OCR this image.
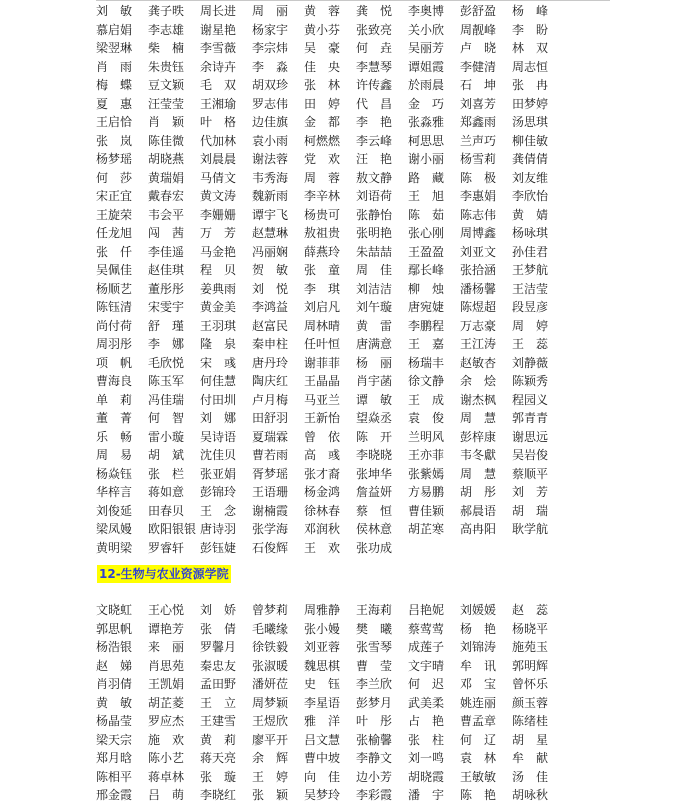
刘　敏 龚子昳 周长进 周　丽 黄　蓉 龚　悦 李奥博 彭舒盈 杨　峰
慕启娟 李志雄 谢星艳 杨家宇 黄小芬 张致亮 关小欣 周靓峰 李　盼
梁翌琳 柴　楠 李雪薇 李宗炜 吴　豪 何　垚 吴丽芳 卢　晓 林　双
肖　雨 朱贵钰 余诗卉 李　淼 佳　央 李慧琴 谭姐霞 李健清 周志恒
梅　蝶 豆文颖 毛　双 胡双珍 张　林 许传鑫 於雨晨 石　坤 张　冉
夏　惠 汪莹莹 王湘瑜 罗志伟 田　婷 代　昌 金　巧 刘喜芳 田梦婷
王启恰 肖　颖 叶　格 边佳旗 金　都 李　艳 张淼雅 郑鑫雨 汤思琪
张　岚 陈佳微 代加林 袁小雨 柯燃燃 李云峰 柯思思 兰声巧 柳佳敏
杨梦瑶 胡晓燕 刘晨晨 谢法蓉 党　欢 汪　艳 谢小丽 杨雪莉 龚倩倩
何　莎 黄瑞娟 马倩文 韦秀海 周　蓉 敖文静 路　藏 陈　极 刘友维
宋正宜 戴春宏 黄文涛 魏新雨 李辛林 刘语荷 王　旭 李惠娟 李欣怡
王旋荣 韦会平 李姗姗 谭宇飞 杨贵可 张静怡 陈　茹 陈志伟 黄　婧
任龙旭 闯　茜 万　芳 赵慧琳 敖祖贵 张明艳 张心刚 周博鑫 杨咏琪
张　仟 李佳遥 马金艳 冯丽娴 薛燕玲 朱喆喆 王盈盈 刘亚文 孙佳君
吴佩佳 赵佳琪 程　贝 贺　敏 张　童 周　佳 鄢长峰 张拾涵 王梦航
杨顺艺 董彤彤 姜典雨 刘　悦 李　琪 刘洁洁 柳　烛 潘杨馨 王洁莹
陈钰清 宋雯宇 黄金美 李鸿益 刘启凡 刘午璇 唐宛婕 陈煜超 段昱彦
尚付荷 舒　瑾 王羽琪 赵富民 周林晴 黄　雷 李鹏程 万志豪 周　婷
周羽彤 李　娜 隆　泉 秦申柱 任叶恒 唐满意 王　嘉 王江涛 王　蕊
项　帆 毛欣悦 宋　彧 唐丹玲 谢菲菲 杨　丽 杨瑞丰 赵敏杏 刘静薇
曹海良 陈玉军 何佳慧 陶庆红 王晶晶 肖宇菡 徐文静 余　烩 陈颖秀
单　莉 冯佳瑞 付田圳 卢月梅 马亚兰 谭　敏 王　成 谢杰枫 程园义
董　菁 何　智 刘　娜 田舒羽 王新怡 望焱丞 袁　俊 周　慧 郭青青
乐　畅 雷小璇 吴诗语 夏瑞霖 曾　依 陈　开 兰明风 彭梓康 谢思远
周　易 胡　斌 沈佳贝 曹若雨 高　彧 李晓晓 王亦菲 韦冬獻 吴岩俊
杨焱钰 张　栏 张亚娟 胥梦瑶 张才裔 张坤华 张紫嫣 周　慧 蔡顺平
华梓言 蒋如意 彭锦玲 王语珊 杨金鸿 詹益妍 方易鹏 胡　彤 刘　芳
刘俊延 田春贝 王　念 谢楠霞 徐林春 蔡　恒 曹佳颖 郝晨语 胡　瑞
梁凤嫚 欧阳银银 唐诗羽 张学海 邓润秋 侯林意 胡芷寒 高冉阳 耿学航
黄明梁 罗睿轩 彭钰婕 石俊辉 王　欢 张功成
12-生物与农业资源学院
文晓虹 王心悦 刘　娇 曾梦莉 周雅静 王海莉 吕艳妮 刘媛媛 赵　蕊
郭思帆 谭艳芳 张　倩 毛曦缘 张小嫚 樊　曦 蔡莺莺 杨　艳 杨晓平
杨浩银 来　丽 罗馨月 徐铁毅 刘亚蓉 张雪琴 成莲子 刘锦涛 施苑玉
赵　娣 肖思苑 秦忠友 张淑暖 魏思棋 曹　莹 文宇晴 牟　讯 郭明辉
肖羽倩 王凯娟 孟田野 潘妍莅 史　钰 李兰欣 何　迟 邓　宝 曾怀乐
黄　敏 胡芷菱 王　立 周梦颖 李星语 彭梦月 武美柔 姚连丽 颜玉蓉
杨晶莹 罗应杰 王建雪 王煜欣 雅　洋 叶　彤 占　艳 曹孟章 陈绪桂
梁天宗 施　欢 黄　莉 廖平开 吕文慧 张榆馨 张　柱 何　辽 胡　星
郑月晗 陈小艺 蒋天亮 余　辉 曹中坡 李静文 刘一鸣 袁　林 牟　献
陈相平 蒋卓林 张　璇 王　婷 向　佳 边小芳 胡晓霞 王敏敏 汤　佳
邢金霞 吕　萌 李晓红 张　颖 吴梦玲 李彩霞 潘　宇 陈　艳 胡咏秋
